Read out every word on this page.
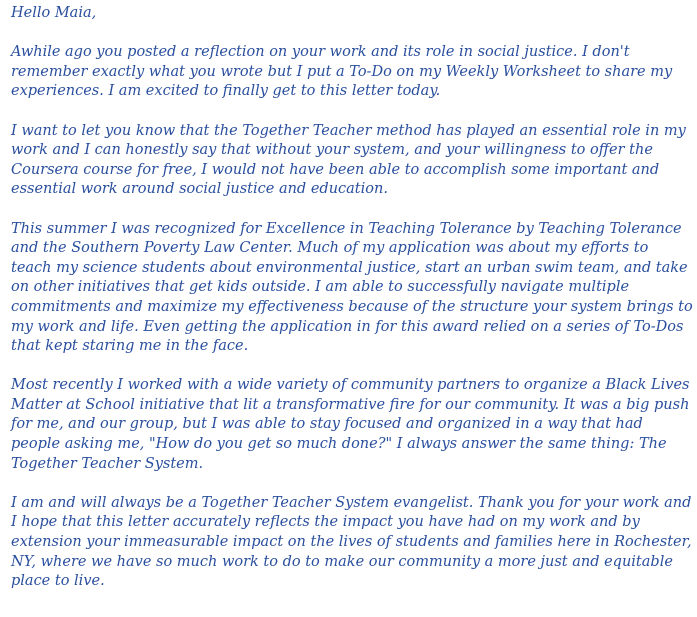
Hello Maia,

Awhile ago you posted a reflection on your work and its role in social justice. I don't remember exactly what you wrote but I put a To-Do on my Weekly Worksheet to share my experiences. I am excited to finally get to this letter today.

I want to let you know that the Together Teacher method has played an essential role in my work and I can honestly say that without your system, and your willingness to offer the Coursera course for free, I would not have been able to accomplish some important and essential work around social justice and education.

This summer I was recognized for Excellence in Teaching Tolerance by Teaching Tolerance and the Southern Poverty Law Center. Much of my application was about my efforts to teach my science students about environmental justice, start an urban swim team, and take on other initiatives that get kids outside. I am able to successfully navigate multiple commitments and maximize my effectiveness because of the structure your system brings to my work and life. Even getting the application in for this award relied on a series of To-Dos that kept staring me in the face.

Most recently I worked with a wide variety of community partners to organize a Black Lives Matter at School initiative that lit a transformative fire for our community. It was a big push for me, and our group, but I was able to stay focused and organized in a way that had people asking me, "How do you get so much done?" I always answer the same thing: The Together Teacher System.

I am and will always be a Together Teacher System evangelist. Thank you for your work and I hope that this letter accurately reflects the impact you have had on my work and by extension your immeasurable impact on the lives of students and families here in Rochester, NY, where we have so much work to do to make our community a more just and equitable place to live.
